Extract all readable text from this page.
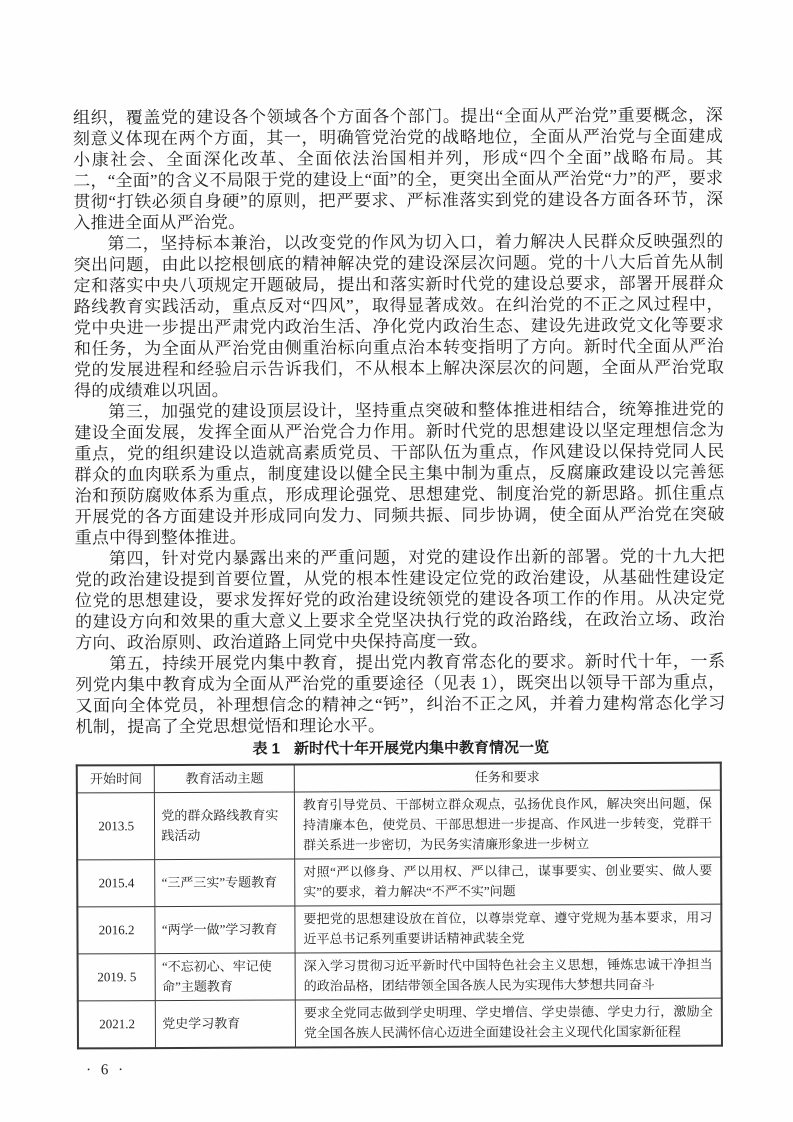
组织，覆盖党的建设各个领域各个方面各个部门。提出“全面从严治党”重要概念，深刻意义体现在两个方面，其一，明确管党治党的战略地位，全面从严治党与全面建成小康社会、全面深化改革、全面依法治国相并列，形成“四个全面”战略布局。其二，“全面”的含义不局限于党的建设上“面”的全，更突出全面从严治党“力”的严，要求贯彻“打铁必须自身硬”的原则，把严要求、严标准落实到党的建设各方面各环节，深入推进全面从严治党。

第二，坚持标本兼治，以改变党的作风为切入口，着力解决人民群众反映强烈的突出问题，由此以挖根刨底的精神解决党的建设深层次问题。党的十八大后首先从制定和落实中央八项规定开题破局，提出和落实新时代党的建设总要求，部署开展群众路线教育实践活动，重点反对“四风”，取得显著成效。在纠治党的不正之风过程中，党中央进一步提出严肃党内政治生活、净化党内政治生态、建设先进政党文化等要求和任务，为全面从严治党由侧重治标向重点治本转变指明了方向。新时代全面从严治党的发展进程和经验启示告诉我们，不从根本上解决深层次的问题，全面从严治党取得的成绩难以巩固。

第三，加强党的建设顶层设计，坚持重点突破和整体推进相结合，统筹推进党的建设全面发展，发挥全面从严治党合力作用。新时代党的思想建设以坚定理想信念为重点，党的组织建设以造就高素质党员、干部队伍为重点，作风建设以保持党同人民群众的血肉联系为重点，制度建设以健全民主集中制为重点，反腐廉政建设以完善惩治和预防腐败体系为重点，形成理论强党、思想建党、制度治党的新思路。抓住重点开展党的各方面建设并形成同向发力、同频共振、同步协调，使全面从严治党在突破重点中得到整体推进。

第四，针对党内暴露出来的严重问题，对党的建设作出新的部署。党的十九大把党的政治建设提到首要位置，从党的根本性建设定位党的政治建设，从基础性建设定位党的思想建设，要求发挥好党的政治建设统领党的建设各项工作的作用。从决定党的建设方向和效果的重大意义上要求全党坚决执行党的政治路线，在政治立场、政治方向、政治原则、政治道路上同党中央保持高度一致。

第五，持续开展党内集中教育，提出党内教育常态化的要求。新时代十年，一系列党内集中教育成为全面从严治党的重要途径（见表 1），既突出以领导干部为重点，又面向全体党员，补理想信念的精神之“钙”，纠治不正之风，并着力建构常态化学习机制，提高了全党思想觉悟和理论水平。

表 1 新时代十年开展党内集中教育情况一览
开始时间	教育活动主题	任务和要求
2013.5	党的群众路线教育实践活动	教育引导党员、干部树立群众观点，弘扬优良作风，解决突出问题，保持清廉本色，使党员、干部思想进一步提高、作风进一步转变，党群干群关系进一步密切，为民务实清廉形象进一步树立
2015.4	“三严三实”专题教育	对照“严以修身、严以用权、严以律己，谋事要实、创业要实、做人要实”的要求，着力解决“不严不实”问题
2016.2	“两学一做”学习教育	要把党的思想建设放在首位，以尊崇党章、遵守党规为基本要求，用习近平总书记系列重要讲话精神武装全党
2019. 5	“不忘初心、牢记使命”主题教育	深入学习贯彻习近平新时代中国特色社会主义思想，锤炼忠诚干净担当的政治品格，团结带领全国各族人民为实现伟大梦想共同奋斗
2021.2	党史学习教育	要求全党同志做到学史明理、学史增信、学史崇德、学史力行，激励全党全国各族人民满怀信心迈进全面建设社会主义现代化国家新征程
· 6 ·
